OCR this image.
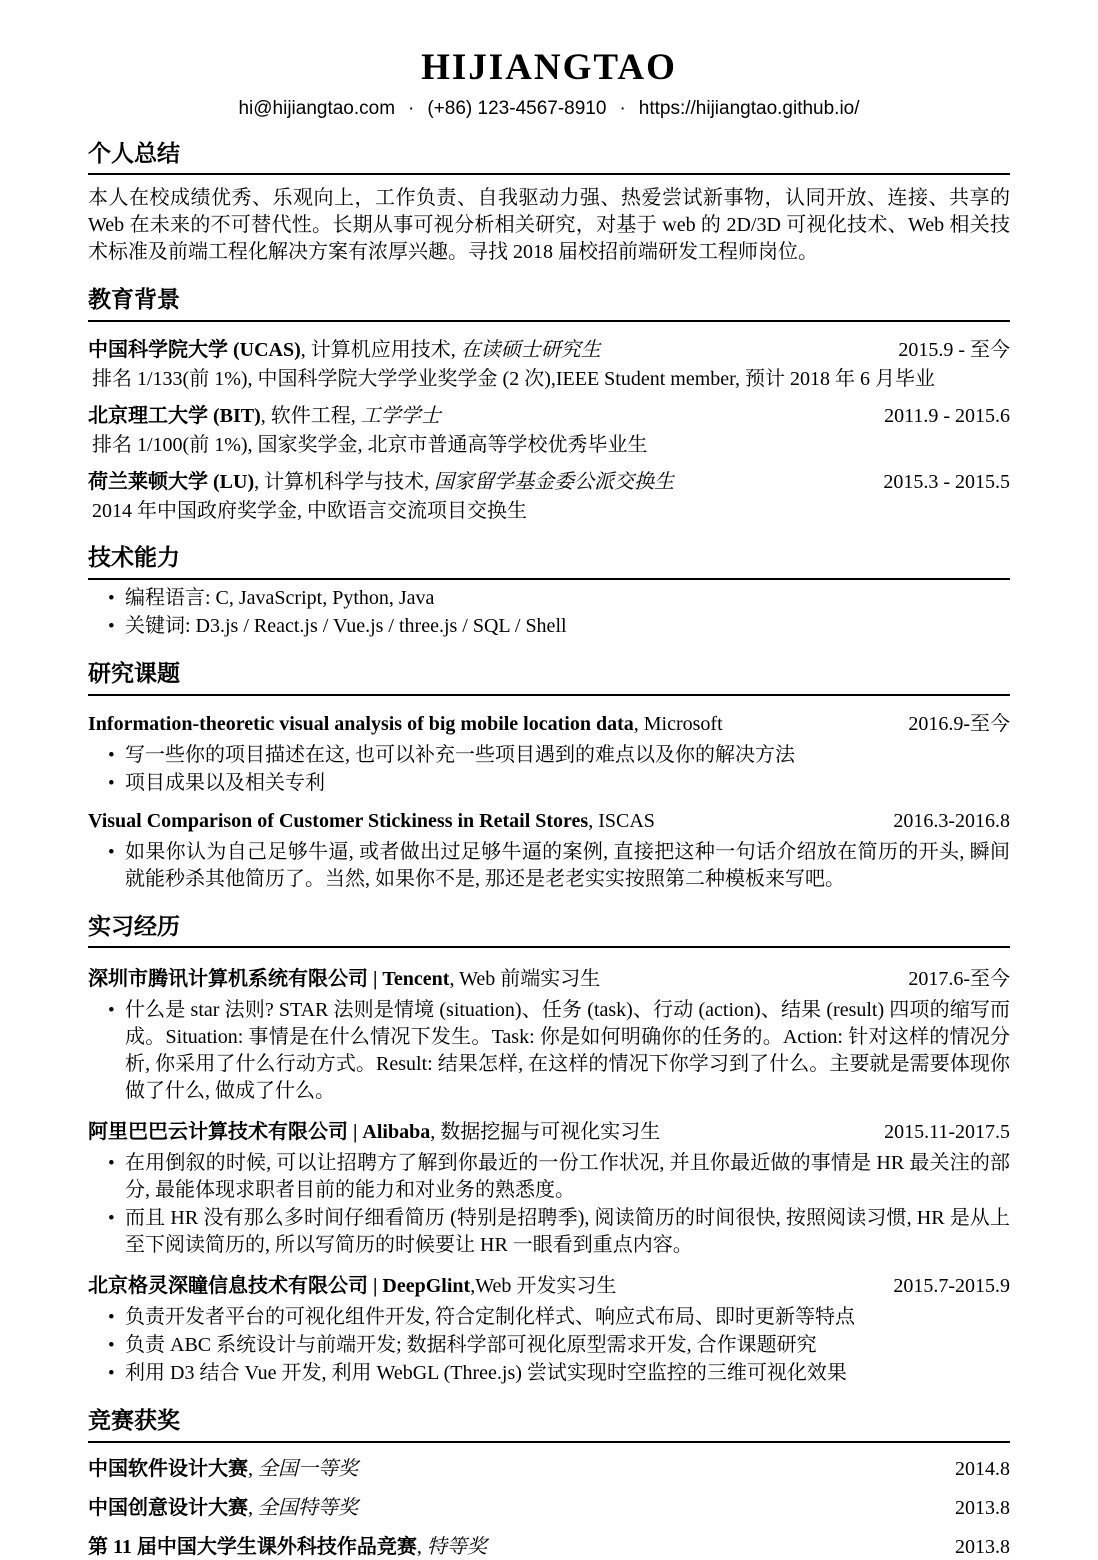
HIJIANGTAO
hi@hijiangtao.com · (+86) 123-4567-8910 · https://hijiangtao.github.io/
个人总结

本人在校成绩优秀、乐观向上，工作负责、自我驱动力强、热爱尝试新事物，认同开放、连接、共享的 Web 在未来的不可替代性。长期从事可视分析相关研究，对基于 web 的 2D/3D 可视化技术、Web 相关技术标准及前端工程化解决方案有浓厚兴趣。寻找 2018 届校招前端研发工程师岗位。

教育背景
中国科学院大学 (UCAS), 计算机应用技术, 在读硕士研究生	2015.9 - 至今
排名 1/133(前 1%), 中国科学院大学学业奖学金 (2 次),IEEE Student member, 预计 2018 年 6 月毕业
北京理工大学 (BIT), 软件工程, 工学学士	2011.9 - 2015.6
排名 1/100(前 1%), 国家奖学金, 北京市普通高等学校优秀毕业生
荷兰莱顿大学 (LU), 计算机科学与技术, 国家留学基金委公派交换生	2015.3 - 2015.5
2014 年中国政府奖学金, 中欧语言交流项目交换生
技术能力
• 编程语言: C, JavaScript, Python, Java
• 关键词: D3.js / React.js / Vue.js / three.js / SQL / Shell
研究课题
Information-theoretic visual analysis of big mobile location data, Microsoft	2016.9-至今
• 写一些你的项目描述在这, 也可以补充一些项目遇到的难点以及你的解决方法
• 项目成果以及相关专利
Visual Comparison of Customer Stickiness in Retail Stores, ISCAS	2016.3-2016.8
• 如果你认为自己足够牛逼, 或者做出过足够牛逼的案例, 直接把这种一句话介绍放在简历的开头, 瞬间就能秒杀其他简历了。当然, 如果你不是, 那还是老老实实按照第二种模板来写吧。
实习经历
深圳市腾讯计算机系统有限公司 | Tencent, Web 前端实习生	2017.6-至今
• 什么是 star 法则? STAR 法则是情境 (situation)、任务 (task)、行动 (action)、结果 (result) 四项的缩写而成。Situation: 事情是在什么情况下发生。Task: 你是如何明确你的任务的。Action: 针对这样的情况分析, 你采用了什么行动方式。Result: 结果怎样, 在这样的情况下你学习到了什么。主要就是需要体现你做了什么, 做成了什么。
阿里巴巴云计算技术有限公司 | Alibaba, 数据挖掘与可视化实习生	2015.11-2017.5
• 在用倒叙的时候, 可以让招聘方了解到你最近的一份工作状况, 并且你最近做的事情是 HR 最关注的部分, 最能体现求职者目前的能力和对业务的熟悉度。
• 而且 HR 没有那么多时间仔细看简历 (特别是招聘季), 阅读简历的时间很快, 按照阅读习惯, HR 是从上至下阅读简历的, 所以写简历的时候要让 HR 一眼看到重点内容。
北京格灵深瞳信息技术有限公司 | DeepGlint,Web 开发实习生	2015.7-2015.9
• 负责开发者平台的可视化组件开发, 符合定制化样式、响应式布局、即时更新等特点
• 负责 ABC 系统设计与前端开发; 数据科学部可视化原型需求开发, 合作课题研究
• 利用 D3 结合 Vue 开发, 利用 WebGL (Three.js) 尝试实现时空监控的三维可视化效果
竞赛获奖
中国软件设计大赛, 全国一等奖	2014.8
中国创意设计大赛, 全国特等奖	2013.8
第 11 届中国大学生课外科技作品竞赛, 特等奖	2013.8
